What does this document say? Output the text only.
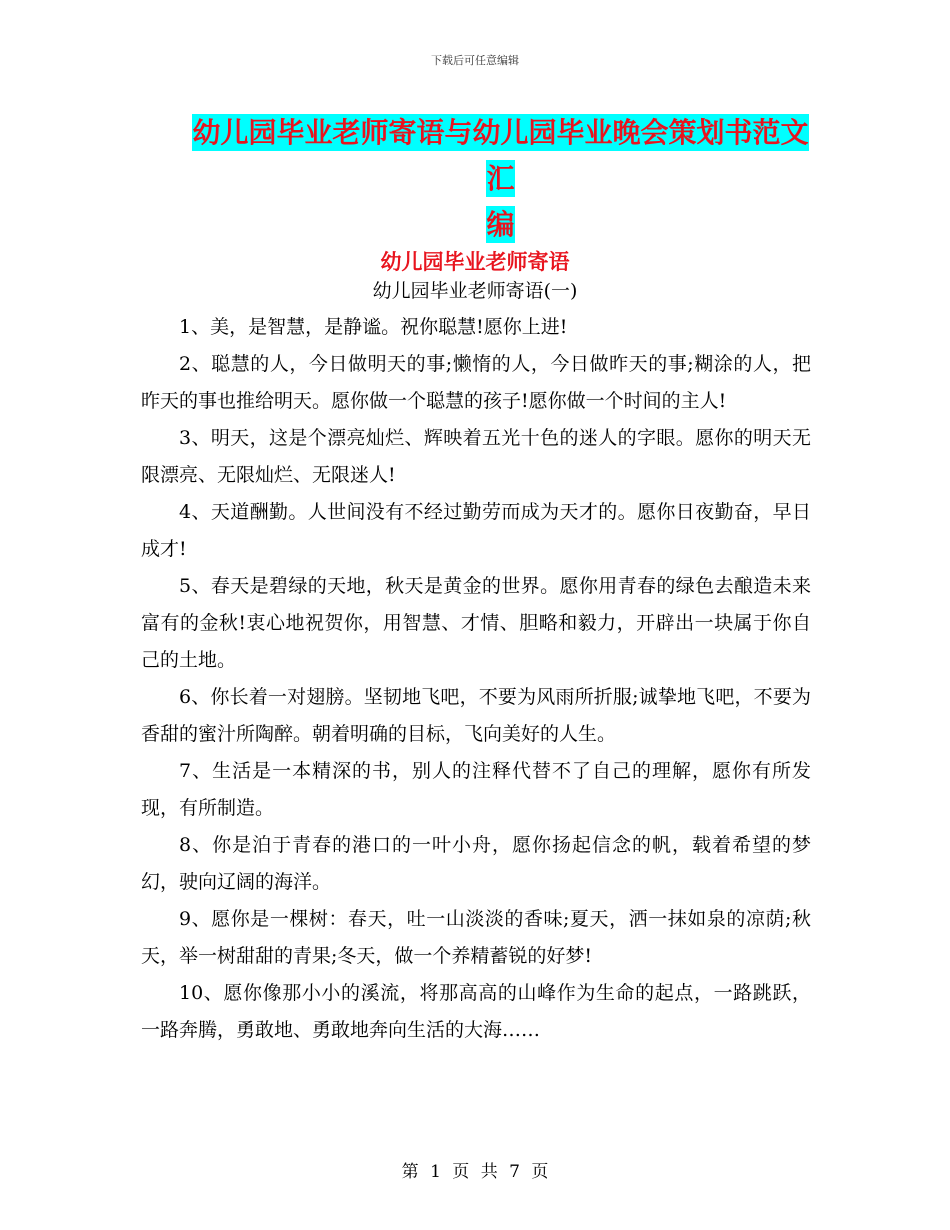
下载后可任意编辑
幼儿园毕业老师寄语与幼儿园毕业晚会策划书范文汇
编
幼儿园毕业老师寄语
幼儿园毕业老师寄语(一)

1、美，是智慧，是静谧。祝你聪慧!愿你上进!

2、聪慧的人，今日做明天的事;懒惰的人，今日做昨天的事;糊涂的人，把昨天的事也推给明天。愿你做一个聪慧的孩子!愿你做一个时间的主人!

3、明天，这是个漂亮灿烂、辉映着五光十色的迷人的字眼。愿你的明天无限漂亮、无限灿烂、无限迷人!

4、天道酬勤。人世间没有不经过勤劳而成为天才的。愿你日夜勤奋，早日成才!

5、春天是碧绿的天地，秋天是黄金的世界。愿你用青春的绿色去酿造未来富有的金秋!衷心地祝贺你，用智慧、才情、胆略和毅力，开辟出一块属于你自己的土地。

6、你长着一对翅膀。坚韧地飞吧，不要为风雨所折服;诚挚地飞吧，不要为香甜的蜜汁所陶醉。朝着明确的目标，飞向美好的人生。

7、生活是一本精深的书，别人的注释代替不了自己的理解，愿你有所发现，有所制造。

8、你是泊于青春的港口的一叶小舟，愿你扬起信念的帆，载着希望的梦幻，驶向辽阔的海洋。

9、愿你是一棵树：春天，吐一山淡淡的香味;夏天，洒一抹如泉的凉荫;秋天，举一树甜甜的青果;冬天，做一个养精蓄锐的好梦!

10、愿你像那小小的溪流，将那高高的山峰作为生命的起点，一路跳跃，一路奔腾，勇敢地、勇敢地奔向生活的大海……

第 1 页 共 7 页
